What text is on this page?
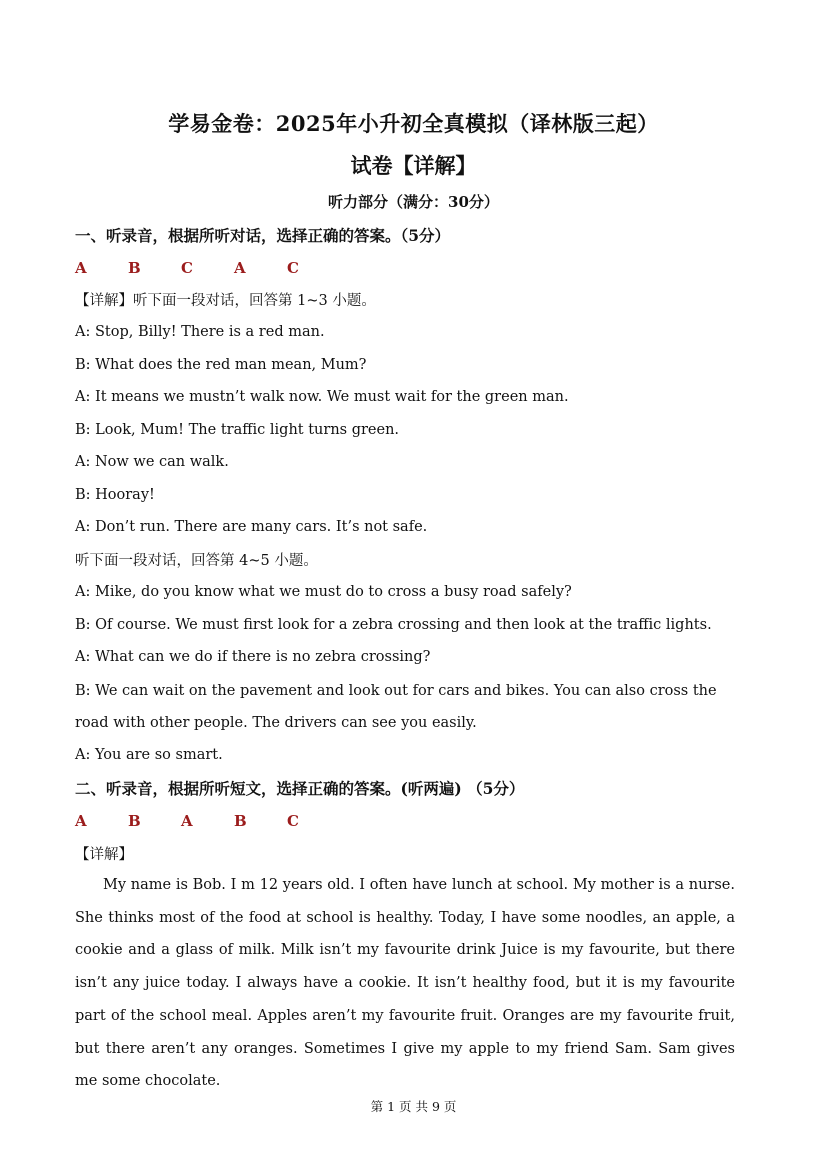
学易金卷：2025年小升初全真模拟（译林版三起）
试卷【详解】
听力部分（满分：30分）
一、听录音，根据所听对话，选择正确的答案。（5分）
A	B	C	A	C
【详解】听下面一段对话，回答第 1~3 小题。
A: Stop, Billy! There is a red man.
B: What does the red man mean, Mum?
A: It means we mustn’t walk now. We must wait for the green man.
B: Look, Mum! The traffic light turns green.
A: Now we can walk.
B: Hooray!
A: Don’t run. There are many cars. It’s not safe.
听下面一段对话，回答第 4~5 小题。
A: Mike, do you know what we must do to cross a busy road safely?
B: Of course. We must first look for a zebra crossing and then look at the traffic lights.
A: What can we do if there is no zebra crossing?
B: We can wait on the pavement and look out for cars and bikes. You can also cross the road with other people. The drivers can see you easily.
A: You are so smart.
二、听录音，根据所听短文，选择正确的答案。(听两遍) （5分）
A	B	A	B	C
【详解】
My name is Bob. I m 12 years old. I often have lunch at school. My mother is a nurse. She thinks most of the food at school is healthy. Today, I have some noodles, an apple, a cookie and a glass of milk. Milk isn’t my favourite drink Juice is my favourite, but there isn’t any juice today. I always have a cookie. It isn’t healthy food, but it is my favourite part of the school meal. Apples aren’t my favourite fruit. Oranges are my favourite fruit, but there aren’t any oranges. Sometimes I give my apple to my friend Sam. Sam gives me some chocolate.
第 1 页 共 9 页
